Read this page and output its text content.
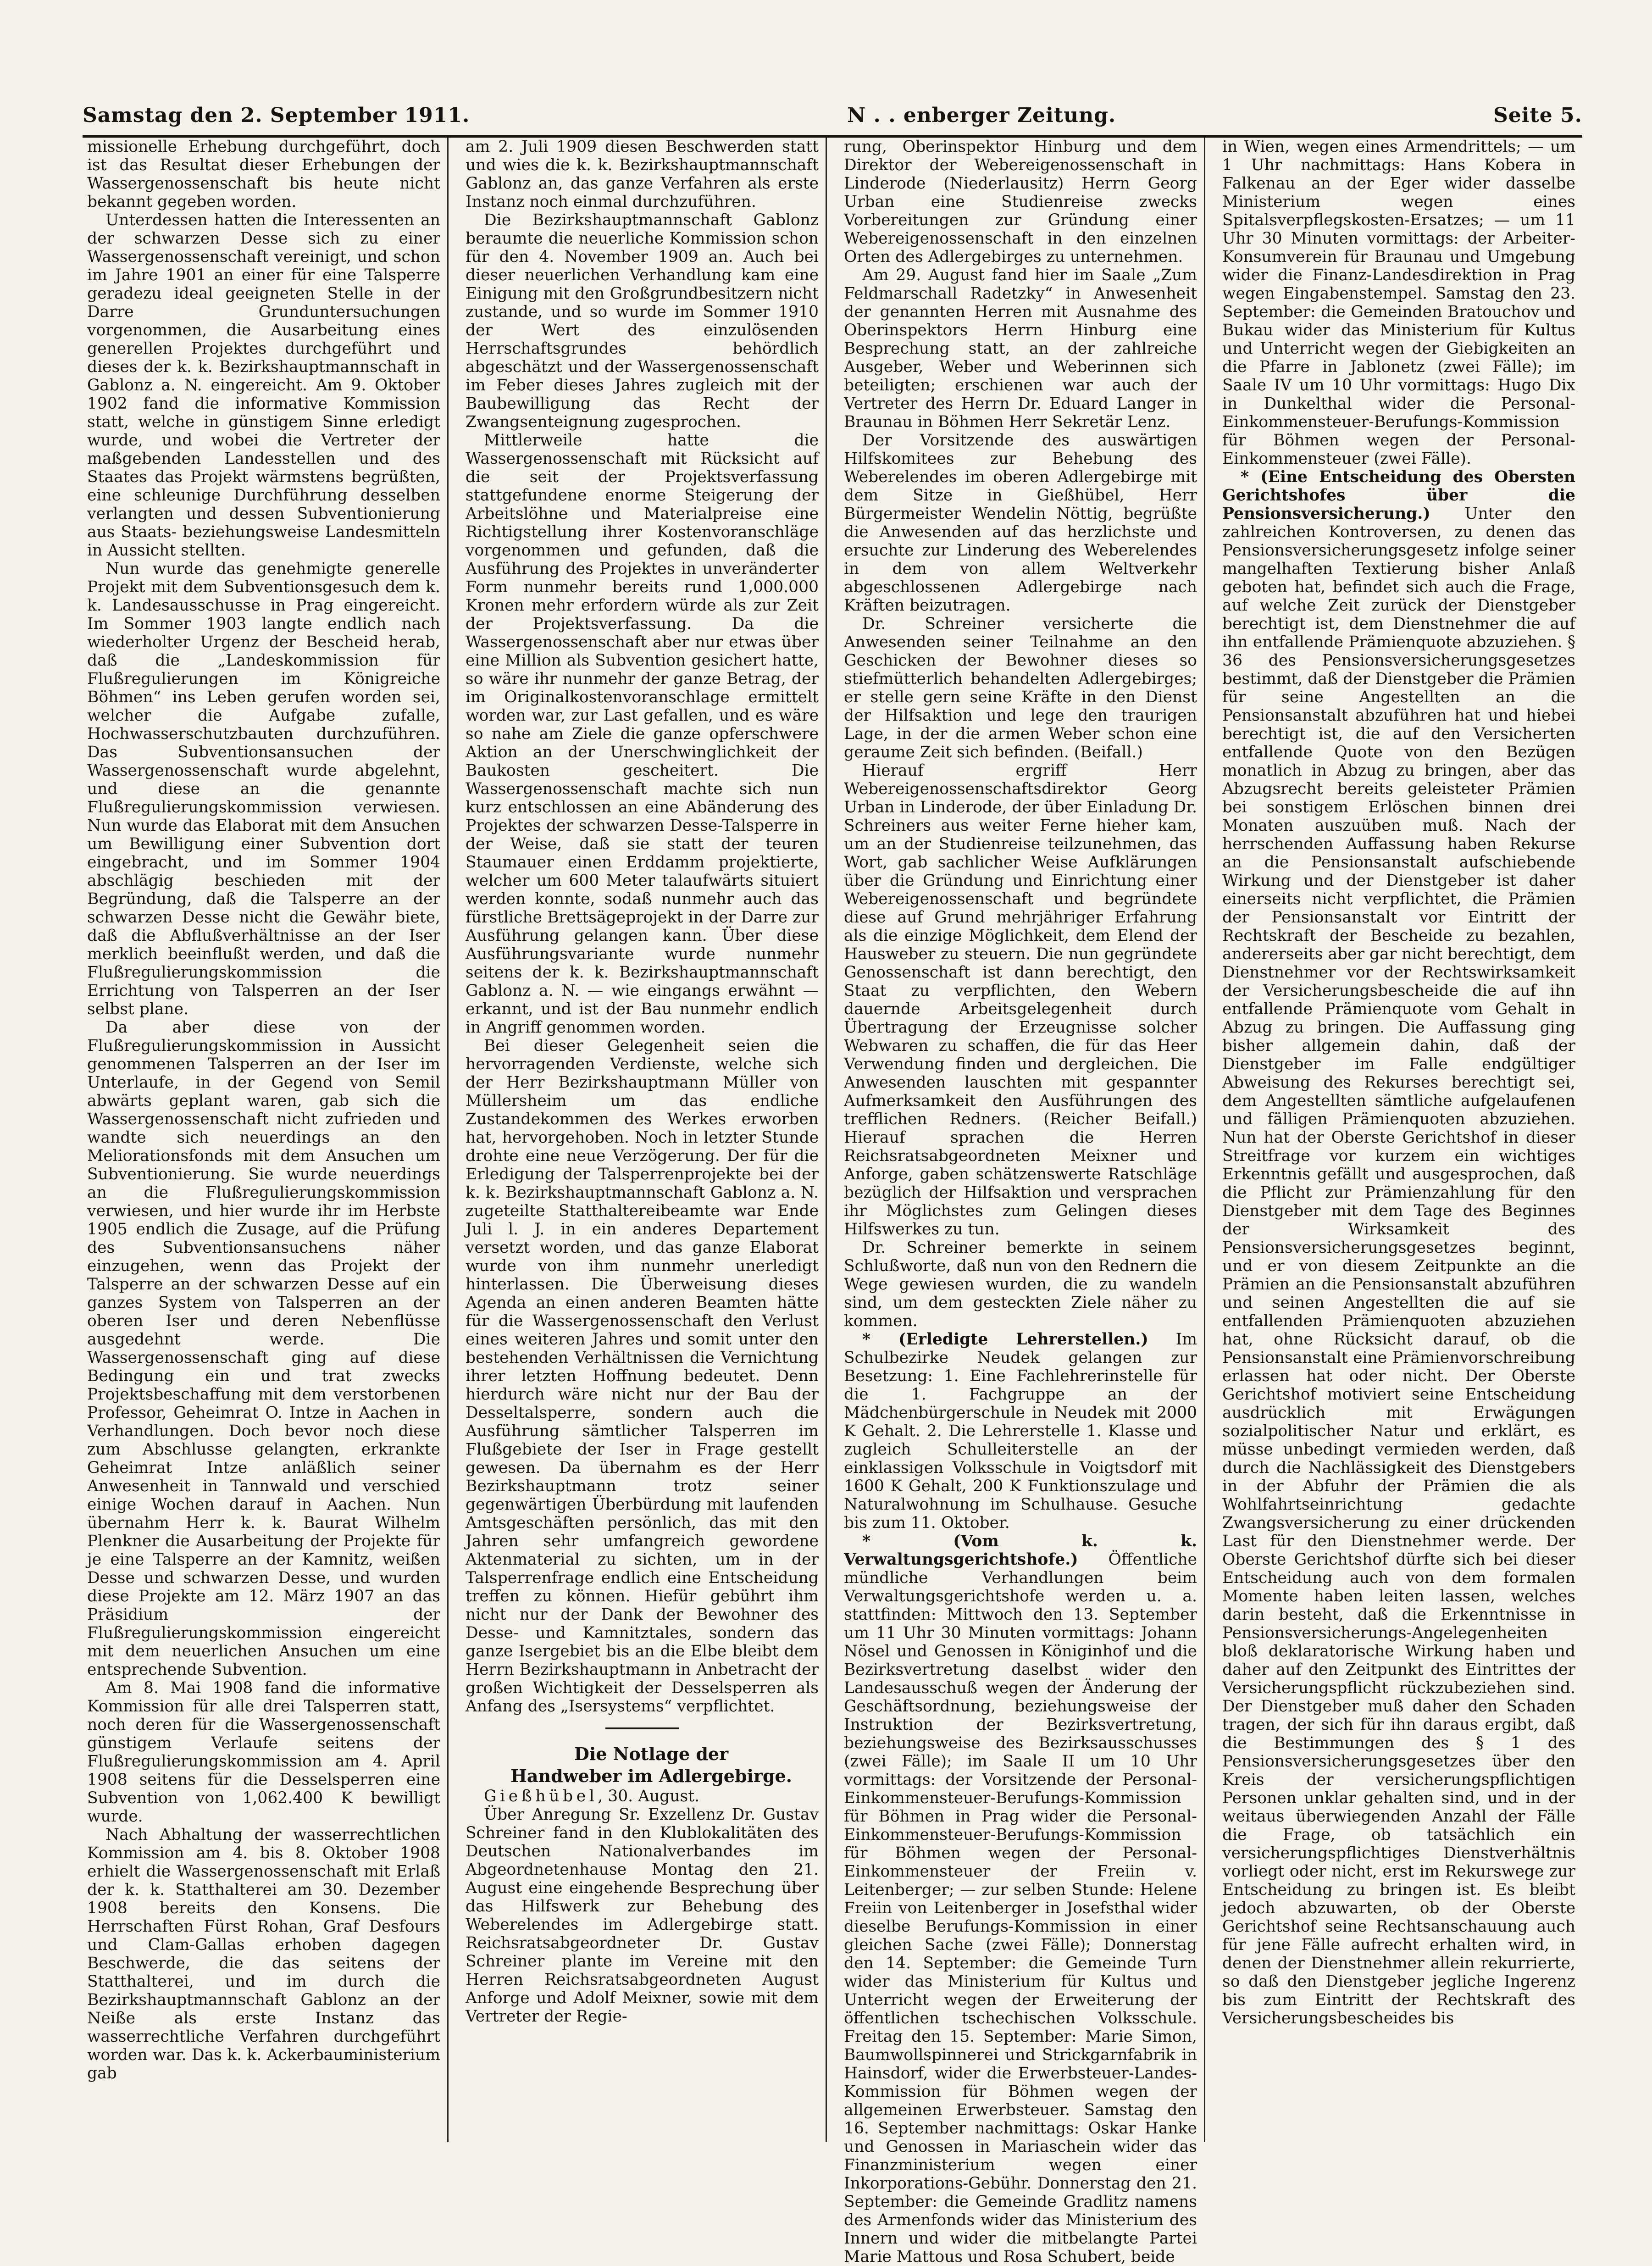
Samstag den 2. September 1911.	N . . enberger Zeitung.	Seite 5.

missionelle Erhebung durchgeführt, doch ist das Resultat dieser Erhebungen der Wassergenossenschaft bis heute nicht bekannt gegeben worden.

Unterdessen hatten die Interessenten an der schwarzen Desse sich zu einer Wassergenossenschaft vereinigt, und schon im Jahre 1901 an einer für eine Talsperre geradezu ideal geeigneten Stelle in der Darre Grunduntersuchungen vorgenommen, die Ausarbeitung eines generellen Projektes durchgeführt und dieses der k. k. Bezirkshauptmannschaft in Gablonz a. N. eingereicht. Am 9. Oktober 1902 fand die informative Kommission statt, welche in günstigem Sinne erledigt wurde, und wobei die Vertreter der maßgebenden Landesstellen und des Staates das Projekt wärmstens begrüßten, eine schleunige Durchführung desselben verlangten und dessen Subventionierung aus Staats- beziehungsweise Landesmitteln in Aussicht stellten.

Nun wurde das genehmigte generelle Projekt mit dem Subventionsgesuch dem k. k. Landesausschusse in Prag eingereicht. Im Sommer 1903 langte endlich nach wiederholter Urgenz der Bescheid herab, daß die „Landeskommission für Flußregulierungen im Königreiche Böhmen“ ins Leben gerufen worden sei, welcher die Aufgabe zufalle, Hochwasserschutzbauten durchzuführen. Das Subventionsansuchen der Wassergenossenschaft wurde abgelehnt, und diese an die genannte Flußregulierungskommission verwiesen. Nun wurde das Elaborat mit dem Ansuchen um Bewilligung einer Subvention dort eingebracht, und im Sommer 1904 abschlägig beschieden mit der Begründung, daß die Talsperre an der schwarzen Desse nicht die Gewähr biete, daß die Abflußverhältnisse an der Iser merklich beeinflußt werden, und daß die Flußregulierungskommission die Errichtung von Talsperren an der Iser selbst plane.

Da aber diese von der Flußregulierungskommission in Aussicht genommenen Talsperren an der Iser im Unterlaufe, in der Gegend von Semil abwärts geplant waren, gab sich die Wassergenossenschaft nicht zufrieden und wandte sich neuerdings an den Meliorationsfonds mit dem Ansuchen um Subventionierung. Sie wurde neuerdings an die Flußregulierungskommission verwiesen, und hier wurde ihr im Herbste 1905 endlich die Zusage, auf die Prüfung des Subventionsansuchens näher einzugehen, wenn das Projekt der Talsperre an der schwarzen Desse auf ein ganzes System von Talsperren an der oberen Iser und deren Nebenflüsse ausgedehnt werde. Die Wassergenossenschaft ging auf diese Bedingung ein und trat zwecks Projektsbeschaffung mit dem verstorbenen Professor, Geheimrat O. Intze in Aachen in Verhandlungen. Doch bevor noch diese zum Abschlusse gelangten, erkrankte Geheimrat Intze anläßlich seiner Anwesenheit in Tannwald und verschied einige Wochen darauf in Aachen. Nun übernahm Herr k. k. Baurat Wilhelm Plenkner die Ausarbeitung der Projekte für je eine Talsperre an der Kamnitz, weißen Desse und schwarzen Desse, und wurden diese Projekte am 12. März 1907 an das Präsidium der Flußregulierungskommission eingereicht mit dem neuerlichen Ansuchen um eine entsprechende Subvention.

Am 8. Mai 1908 fand die informative Kommission für alle drei Talsperren statt, noch deren für die Wassergenossenschaft günstigem Verlaufe seitens der Flußregulierungskommission am 4. April 1908 seitens für die Desselsperren eine Subvention von 1,062.400 K bewilligt wurde.

Nach Abhaltung der wasserrechtlichen Kommission am 4. bis 8. Oktober 1908 erhielt die Wassergenossenschaft mit Erlaß der k. k. Statthalterei am 30. Dezember 1908 bereits den Konsens. Die Herrschaften Fürst Rohan, Graf Desfours und Clam-Gallas erhoben dagegen Beschwerde, die das seitens der Statthalterei, und im durch die Bezirkshauptmannschaft Gablonz an der Neiße als erste Instanz das wasserrechtliche Verfahren durchgeführt worden war. Das k. k. Ackerbauministerium gab

am 2. Juli 1909 diesen Beschwerden statt und wies die k. k. Bezirkshauptmannschaft Gablonz an, das ganze Verfahren als erste Instanz noch einmal durchzuführen.

Die Bezirkshauptmannschaft Gablonz beraumte die neuerliche Kommission schon für den 4. November 1909 an. Auch bei dieser neuerlichen Verhandlung kam eine Einigung mit den Großgrundbesitzern nicht zustande, und so wurde im Sommer 1910 der Wert des einzulösenden Herrschaftsgrundes behördlich abgeschätzt und der Wassergenossenschaft im Feber dieses Jahres zugleich mit der Baubewilligung das Recht der Zwangsenteignung zugesprochen.

Mittlerweile hatte die Wassergenossenschaft mit Rücksicht auf die seit der Projektsverfassung stattgefundene enorme Steigerung der Arbeitslöhne und Materialpreise eine Richtigstellung ihrer Kostenvoranschläge vorgenommen und gefunden, daß die Ausführung des Projektes in unveränderter Form nunmehr bereits rund 1,000.000 Kronen mehr erfordern würde als zur Zeit der Projektsverfassung. Da die Wassergenossenschaft aber nur etwas über eine Million als Subvention gesichert hatte, so wäre ihr nunmehr der ganze Betrag, der im Originalkostenvoranschlage ermittelt worden war, zur Last gefallen, und es wäre so nahe am Ziele die ganze opferschwere Aktion an der Unerschwinglichkeit der Baukosten gescheitert. Die Wassergenossenschaft machte sich nun kurz entschlossen an eine Abänderung des Projektes der schwarzen Desse-Talsperre in der Weise, daß sie statt der teuren Staumauer einen Erddamm projektierte, welcher um 600 Meter talaufwärts situiert werden konnte, sodaß nunmehr auch das fürstliche Brettsägeprojekt in der Darre zur Ausführung gelangen kann. Über diese Ausführungsvariante wurde nunmehr seitens der k. k. Bezirkshauptmannschaft Gablonz a. N. — wie eingangs erwähnt — erkannt, und ist der Bau nunmehr endlich in Angriff genommen worden.

Bei dieser Gelegenheit seien die hervorragenden Verdienste, welche sich der Herr Bezirkshauptmann Müller von Müllersheim um das endliche Zustandekommen des Werkes erworben hat, hervorgehoben. Noch in letzter Stunde drohte eine neue Verzögerung. Der für die Erledigung der Talsperrenprojekte bei der k. k. Bezirkshauptmannschaft Gablonz a. N. zugeteilte Statthaltereibeamte war Ende Juli l. J. in ein anderes Departement versetzt worden, und das ganze Elaborat wurde von ihm nunmehr unerledigt hinterlassen. Die Überweisung dieses Agenda an einen anderen Beamten hätte für die Wassergenossenschaft den Verlust eines weiteren Jahres und somit unter den bestehenden Verhältnissen die Vernichtung ihrer letzten Hoffnung bedeutet. Denn hierdurch wäre nicht nur der Bau der Desseltalsperre, sondern auch die Ausführung sämtlicher Talsperren im Flußgebiete der Iser in Frage gestellt gewesen. Da übernahm es der Herr Bezirkshauptmann trotz seiner gegenwärtigen Überbürdung mit laufenden Amtsgeschäften persönlich, das mit den Jahren sehr umfangreich gewordene Aktenmaterial zu sichten, um in der Talsperrenfrage endlich eine Entscheidung treffen zu können. Hiefür gebührt ihm nicht nur der Dank der Bewohner des Desse- und Kamnitztales, sondern das ganze Isergebiet bis an die Elbe bleibt dem Herrn Bezirkshauptmann in Anbetracht der großen Wichtigkeit der Desselsperren als Anfang des „Isersystems“ verpflichtet.

Die Notlage der

Handweber im Adlergebirge.

Gießhübel, 30. August.

Über Anregung Sr. Exzellenz Dr. Gustav Schreiner fand in den Klublokalitäten des Deutschen Nationalverbandes im Abgeordnetenhause Montag den 21. August eine eingehende Besprechung über das Hilfswerk zur Behebung des Weberelendes im Adlergebirge statt. Reichsratsabgeordneter Dr. Gustav Schreiner plante im Vereine mit den Herren Reichsratsabgeordneten August Anforge und Adolf Meixner, sowie mit dem Vertreter der Regie-

rung, Oberinspektor Hinburg und dem Direktor der Webereigenossenschaft in Linderode (Niederlausitz) Herrn Georg Urban eine Studienreise zwecks Vorbereitungen zur Gründung einer Webereigenossenschaft in den einzelnen Orten des Adlergebirges zu unternehmen.

Am 29. August fand hier im Saale „Zum Feldmarschall Radetzky“ in Anwesenheit der genannten Herren mit Ausnahme des Oberinspektors Herrn Hinburg eine Besprechung statt, an der zahlreiche Ausgeber, Weber und Weberinnen sich beteiligten; erschienen war auch der Vertreter des Herrn Dr. Eduard Langer in Braunau in Böhmen Herr Sekretär Lenz.

Der Vorsitzende des auswärtigen Hilfskomitees zur Behebung des Weberelendes im oberen Adlergebirge mit dem Sitze in Gießhübel, Herr Bürgermeister Wendelin Nöttig, begrüßte die Anwesenden auf das herzlichste und ersuchte zur Linderung des Weberelendes in dem von allem Weltverkehr abgeschlossenen Adlergebirge nach Kräften beizutragen.

Dr. Schreiner versicherte die Anwesenden seiner Teilnahme an den Geschicken der Bewohner dieses so stiefmütterlich behandelten Adlergebirges; er stelle gern seine Kräfte in den Dienst der Hilfsaktion und lege den traurigen Lage, in der die armen Weber schon eine geraume Zeit sich befinden. (Beifall.)

Hierauf ergriff Herr Webereigenossenschaftsdirektor Georg Urban in Linderode, der über Einladung Dr. Schreiners aus weiter Ferne hieher kam, um an der Studienreise teilzunehmen, das Wort, gab sachlicher Weise Aufklärungen über die Gründung und Einrichtung einer Webereigenossenschaft und begründete diese auf Grund mehrjähriger Erfahrung als die einzige Möglichkeit, dem Elend der Hausweber zu steuern. Die nun gegründete Genossenschaft ist dann berechtigt, den Staat zu verpflichten, den Webern dauernde Arbeitsgelegenheit durch Übertragung der Erzeugnisse solcher Webwaren zu schaffen, die für das Heer Verwendung finden und dergleichen. Die Anwesenden lauschten mit gespannter Aufmerksamkeit den Ausführungen des trefflichen Redners. (Reicher Beifall.) Hierauf sprachen die Herren Reichsratsabgeordneten Meixner und Anforge, gaben schätzenswerte Ratschläge bezüglich der Hilfsaktion und versprachen ihr Möglichstes zum Gelingen dieses Hilfswerkes zu tun.

Dr. Schreiner bemerkte in seinem Schlußworte, daß nun von den Rednern die Wege gewiesen wurden, die zu wandeln sind, um dem gesteckten Ziele näher zu kommen.

* (Erledigte Lehrerstellen.) Im Schulbezirke Neudek gelangen zur Besetzung: 1. Eine Fachlehrerinstelle für die 1. Fachgruppe an der Mädchenbürgerschule in Neudek mit 2000 K Gehalt. 2. Die Lehrerstelle 1. Klasse und zugleich Schulleiterstelle an der einklassigen Volksschule in Voigtsdorf mit 1600 K Gehalt, 200 K Funktionszulage und Naturalwohnung im Schulhause. Gesuche bis zum 11. Oktober.

* (Vom k. k. Verwaltungsgerichtshofe.) Öffentliche mündliche Verhandlungen beim Verwaltungsgerichtshofe werden u. a. stattfinden: Mittwoch den 13. September um 11 Uhr 30 Minuten vormittags: Johann Nösel und Genossen in Königinhof und die Bezirksvertretung daselbst wider den Landesausschuß wegen der Änderung der Geschäftsordnung, beziehungsweise der Instruktion der Bezirksvertretung, beziehungsweise des Bezirksausschusses (zwei Fälle); im Saale II um 10 Uhr vormittags: der Vorsitzende der Personal-Einkommensteuer-Berufungs-Kommission für Böhmen in Prag wider die Personal-Einkommensteuer-Berufungs-Kommission für Böhmen wegen der Personal-Einkommensteuer der Freiin v. Leitenberger; — zur selben Stunde: Helene Freiin von Leitenberger in Josefsthal wider dieselbe Berufungs-Kommission in einer gleichen Sache (zwei Fälle); Donnerstag den 14. September: die Gemeinde Turn wider das Ministerium für Kultus und Unterricht wegen der Erweiterung der öffentlichen tschechischen Volksschule. Freitag den 15. September: Marie Simon, Baumwollspinnerei und Strickgarnfabrik in Hainsdorf, wider die Erwerbsteuer-Landes-Kommission für Böhmen wegen der allgemeinen Erwerbsteuer. Samstag den 16. September nachmittags: Oskar Hanke und Genossen in Mariaschein wider das Finanzministerium wegen einer Inkorporations-Gebühr. Donnerstag den 21. September: die Gemeinde Gradlitz namens des Armenfonds wider das Ministerium des Innern und wider die mitbelangte Partei Marie Mattous und Rosa Schubert, beide

in Wien, wegen eines Armendrittels; — um 1 Uhr nachmittags: Hans Kobera in Falkenau an der Eger wider dasselbe Ministerium wegen eines Spitalsverpflegskosten-Ersatzes; — um 11 Uhr 30 Minuten vormittags: der Arbeiter-Konsumverein für Braunau und Umgebung wider die Finanz-Landesdirektion in Prag wegen Eingabenstempel. Samstag den 23. September: die Gemeinden Bratouchov und Bukau wider das Ministerium für Kultus und Unterricht wegen der Giebigkeiten an die Pfarre in Jablonetz (zwei Fälle); im Saale IV um 10 Uhr vormittags: Hugo Dix in Dunkelthal wider die Personal-Einkommensteuer-Berufungs-Kommission für Böhmen wegen der Personal-Einkommensteuer (zwei Fälle).

* (Eine Entscheidung des Obersten Gerichtshofes über die Pensionsversicherung.) Unter den zahlreichen Kontroversen, zu denen das Pensionsversicherungsgesetz infolge seiner mangelhaften Textierung bisher Anlaß geboten hat, befindet sich auch die Frage, auf welche Zeit zurück der Dienstgeber berechtigt ist, dem Dienstnehmer die auf ihn entfallende Prämienquote abzuziehen. § 36 des Pensionsversicherungsgesetzes bestimmt, daß der Dienstgeber die Prämien für seine Angestellten an die Pensionsanstalt abzuführen hat und hiebei berechtigt ist, die auf den Versicherten entfallende Quote von den Bezügen monatlich in Abzug zu bringen, aber das Abzugsrecht bereits geleisteter Prämien bei sonstigem Erlöschen binnen drei Monaten auszuüben muß. Nach der herrschenden Auffassung haben Rekurse an die Pensionsanstalt aufschiebende Wirkung und der Dienstgeber ist daher einerseits nicht verpflichtet, die Prämien der Pensionsanstalt vor Eintritt der Rechtskraft der Bescheide zu bezahlen, andererseits aber gar nicht berechtigt, dem Dienstnehmer vor der Rechtswirksamkeit der Versicherungsbescheide die auf ihn entfallende Prämienquote vom Gehalt in Abzug zu bringen. Die Auffassung ging bisher allgemein dahin, daß der Dienstgeber im Falle endgültiger Abweisung des Rekurses berechtigt sei, dem Angestellten sämtliche aufgelaufenen und fälligen Prämienquoten abzuziehen. Nun hat der Oberste Gerichtshof in dieser Streitfrage vor kurzem ein wichtiges Erkenntnis gefällt und ausgesprochen, daß die Pflicht zur Prämienzahlung für den Dienstgeber mit dem Tage des Beginnes der Wirksamkeit des Pensionsversicherungsgesetzes beginnt, und er von diesem Zeitpunkte an die Prämien an die Pensionsanstalt abzuführen und seinen Angestellten die auf sie entfallenden Prämienquoten abzuziehen hat, ohne Rücksicht darauf, ob die Pensionsanstalt eine Prämienvorschreibung erlassen hat oder nicht. Der Oberste Gerichtshof motiviert seine Entscheidung ausdrücklich mit Erwägungen sozialpolitischer Natur und erklärt, es müsse unbedingt vermieden werden, daß durch die Nachlässigkeit des Dienstgebers in der Abfuhr der Prämien die als Wohlfahrtseinrichtung gedachte Zwangsversicherung zu einer drückenden Last für den Dienstnehmer werde. Der Oberste Gerichtshof dürfte sich bei dieser Entscheidung auch von dem formalen Momente haben leiten lassen, welches darin besteht, daß die Erkenntnisse in Pensionsversicherungs-Angelegenheiten bloß deklaratorische Wirkung haben und daher auf den Zeitpunkt des Eintrittes der Versicherungspflicht rückzubeziehen sind. Der Dienstgeber muß daher den Schaden tragen, der sich für ihn daraus ergibt, daß die Bestimmungen des § 1 des Pensionsversicherungsgesetzes über den Kreis der versicherungspflichtigen Personen unklar gehalten sind, und in der weitaus überwiegenden Anzahl der Fälle die Frage, ob tatsächlich ein versicherungspflichtiges Dienstverhältnis vorliegt oder nicht, erst im Rekurswege zur Entscheidung zu bringen ist. Es bleibt jedoch abzuwarten, ob der Oberste Gerichtshof seine Rechtsanschauung auch für jene Fälle aufrecht erhalten wird, in denen der Dienstnehmer allein rekurrierte, so daß den Dienstgeber jegliche Ingerenz bis zum Eintritt der Rechtskraft des Versicherungsbescheides bis
